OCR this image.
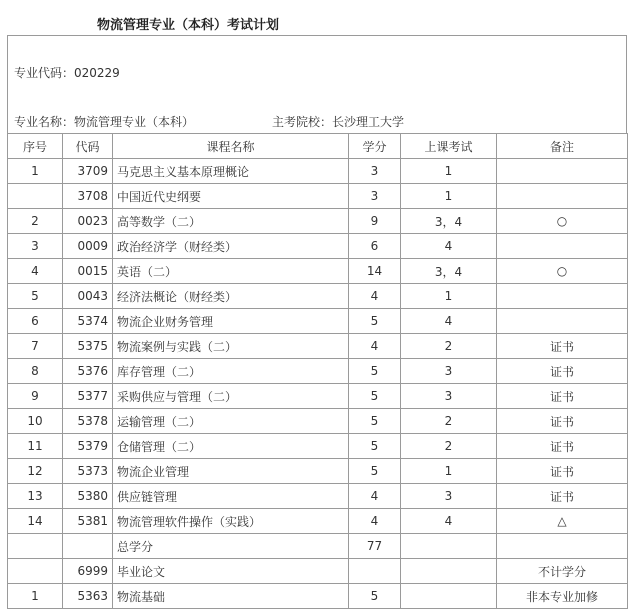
物流管理专业（本科）考试计划
专业代码：020229
专业名称：物流管理专业（本科）	主考院校：长沙理工大学
序号	代码	课程名称	学分	上课考试	备注
1	3709	马克思主义基本原理概论	3	1	
	3708	中国近代史纲要	3	1	
2	0023	高等数学（二）	9	3，4	○
3	0009	政治经济学（财经类）	6	4	
4	0015	英语（二）	14	3，4	○
5	0043	经济法概论（财经类）	4	1	
6	5374	物流企业财务管理	5	4	
7	5375	物流案例与实践（二）	4	2	证书
8	5376	库存管理（二）	5	3	证书
9	5377	采购供应与管理（二）	5	3	证书
10	5378	运输管理（二）	5	2	证书
11	5379	仓储管理（二）	5	2	证书
12	5373	物流企业管理	5	1	证书
13	5380	供应链管理	4	3	证书
14	5381	物流管理软件操作（实践）	4	4	△
		总学分	77		
	6999	毕业论文			不计学分
1	5363	物流基础	5		非本专业加修
